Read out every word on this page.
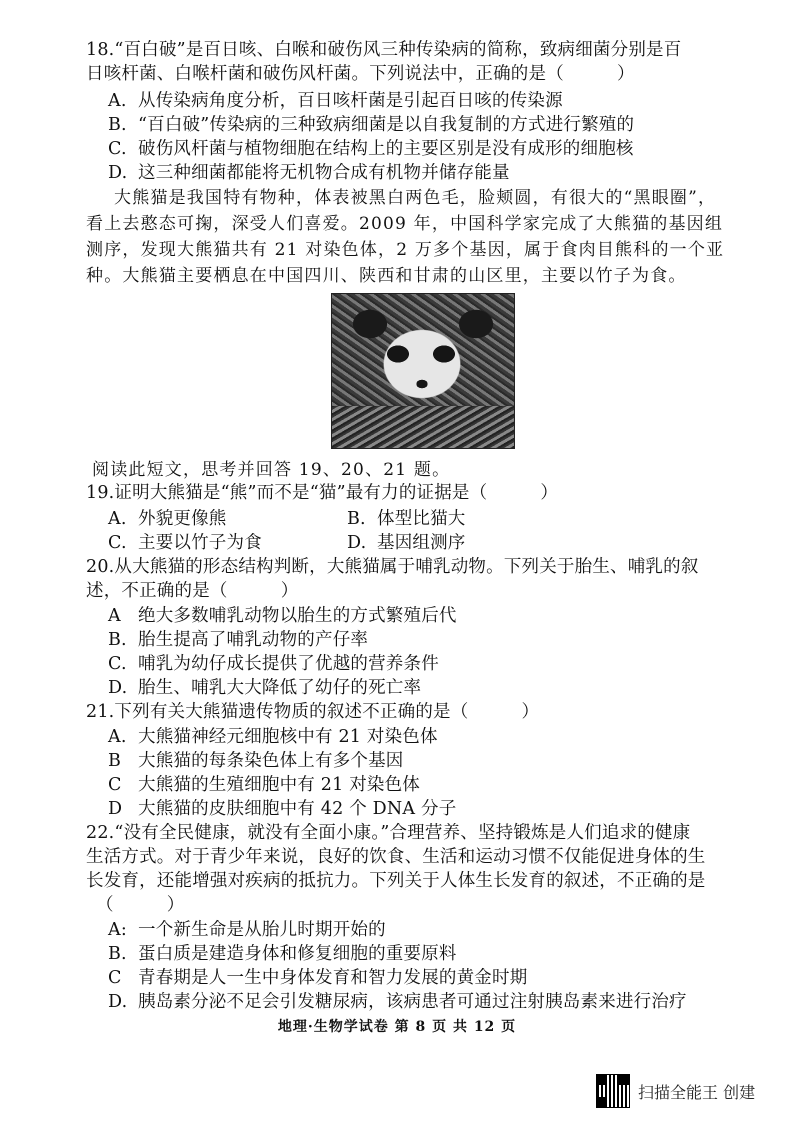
18.“百白破”是百日咳、白喉和破伤风三种传染病的简称，致病细菌分别是百
日咳杆菌、白喉杆菌和破伤风杆菌。下列说法中，正确的是（　　　）
A. 从传染病角度分析，百日咳杆菌是引起百日咳的传染源
B. “百白破”传染病的三种致病细菌是以自我复制的方式进行繁殖的
C. 破伤风杆菌与植物细胞在结构上的主要区别是没有成形的细胞核
D. 这三种细菌都能将无机物合成有机物并储存能量
大熊猫是我国特有物种，体表被黑白两色毛，脸颊圆，有很大的“黑眼圈”，
看上去憨态可掬，深受人们喜爱。2009 年，中国科学家完成了大熊猫的基因组
测序，发现大熊猫共有 21 对染色体，2 万多个基因，属于食肉目熊科的一个亚
种。大熊猫主要栖息在中国四川、陕西和甘肃的山区里，主要以竹子为食。
阅读此短文，思考并回答 19、20、21 题。
19.证明大熊猫是“熊”而不是“猫”最有力的证据是（　　　）
A. 外貌更像熊	B. 体型比猫大
C. 主要以竹子为食	D. 基因组测序
20.从大熊猫的形态结构判断，大熊猫属于哺乳动物。下列关于胎生、哺乳的叙
述，不正确的是（　　　）
A 绝大多数哺乳动物以胎生的方式繁殖后代
B. 胎生提高了哺乳动物的产仔率
C. 哺乳为幼仔成长提供了优越的营养条件
D. 胎生、哺乳大大降低了幼仔的死亡率
21.下列有关大熊猫遗传物质的叙述不正确的是（　　　）
A. 大熊猫神经元细胞核中有 21 对染色体
B 大熊猫的每条染色体上有多个基因
C 大熊猫的生殖细胞中有 21 对染色体
D 大熊猫的皮肤细胞中有 42 个 DNA 分子
22.“没有全民健康，就没有全面小康。”合理营养、坚持锻炼是人们追求的健康
生活方式。对于青少年来说，良好的饮食、生活和运动习惯不仅能促进身体的生
长发育，还能增强对疾病的抵抗力。下列关于人体生长发育的叙述，不正确的是
（　　　）
A: 一个新生命是从胎儿时期开始的
B. 蛋白质是建造身体和修复细胞的重要原料
C 青春期是人一生中身体发育和智力发展的黄金时期
D. 胰岛素分泌不足会引发糖尿病，该病患者可通过注射胰岛素来进行治疗
地理·生物学试卷 第 8 页 共 12 页
扫描全能王 创建
